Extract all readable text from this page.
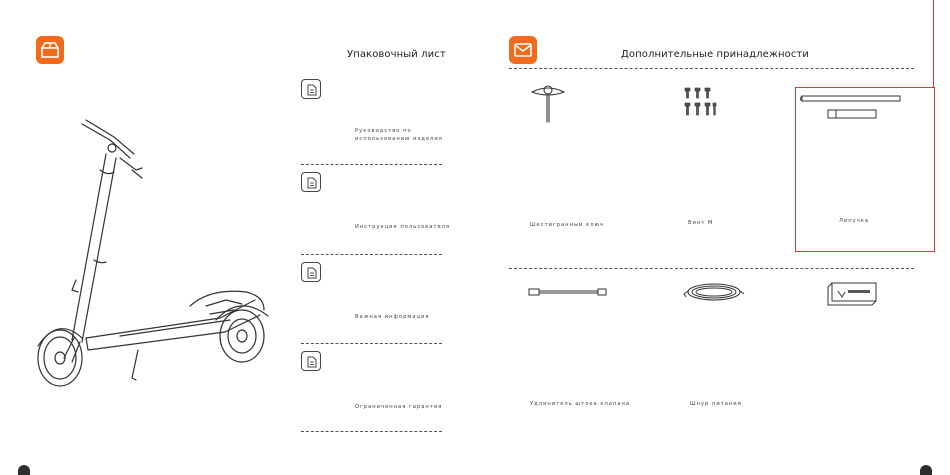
Упаковочный лист
Руководство по
использованию изделия
Инструкция пользователя
Важная информация
Ограниченная гарантия
Дополнительные принадлежности
Шестигранный ключ	Винт M	Липучка
Удлинитель штока клапана	Шнур питания
